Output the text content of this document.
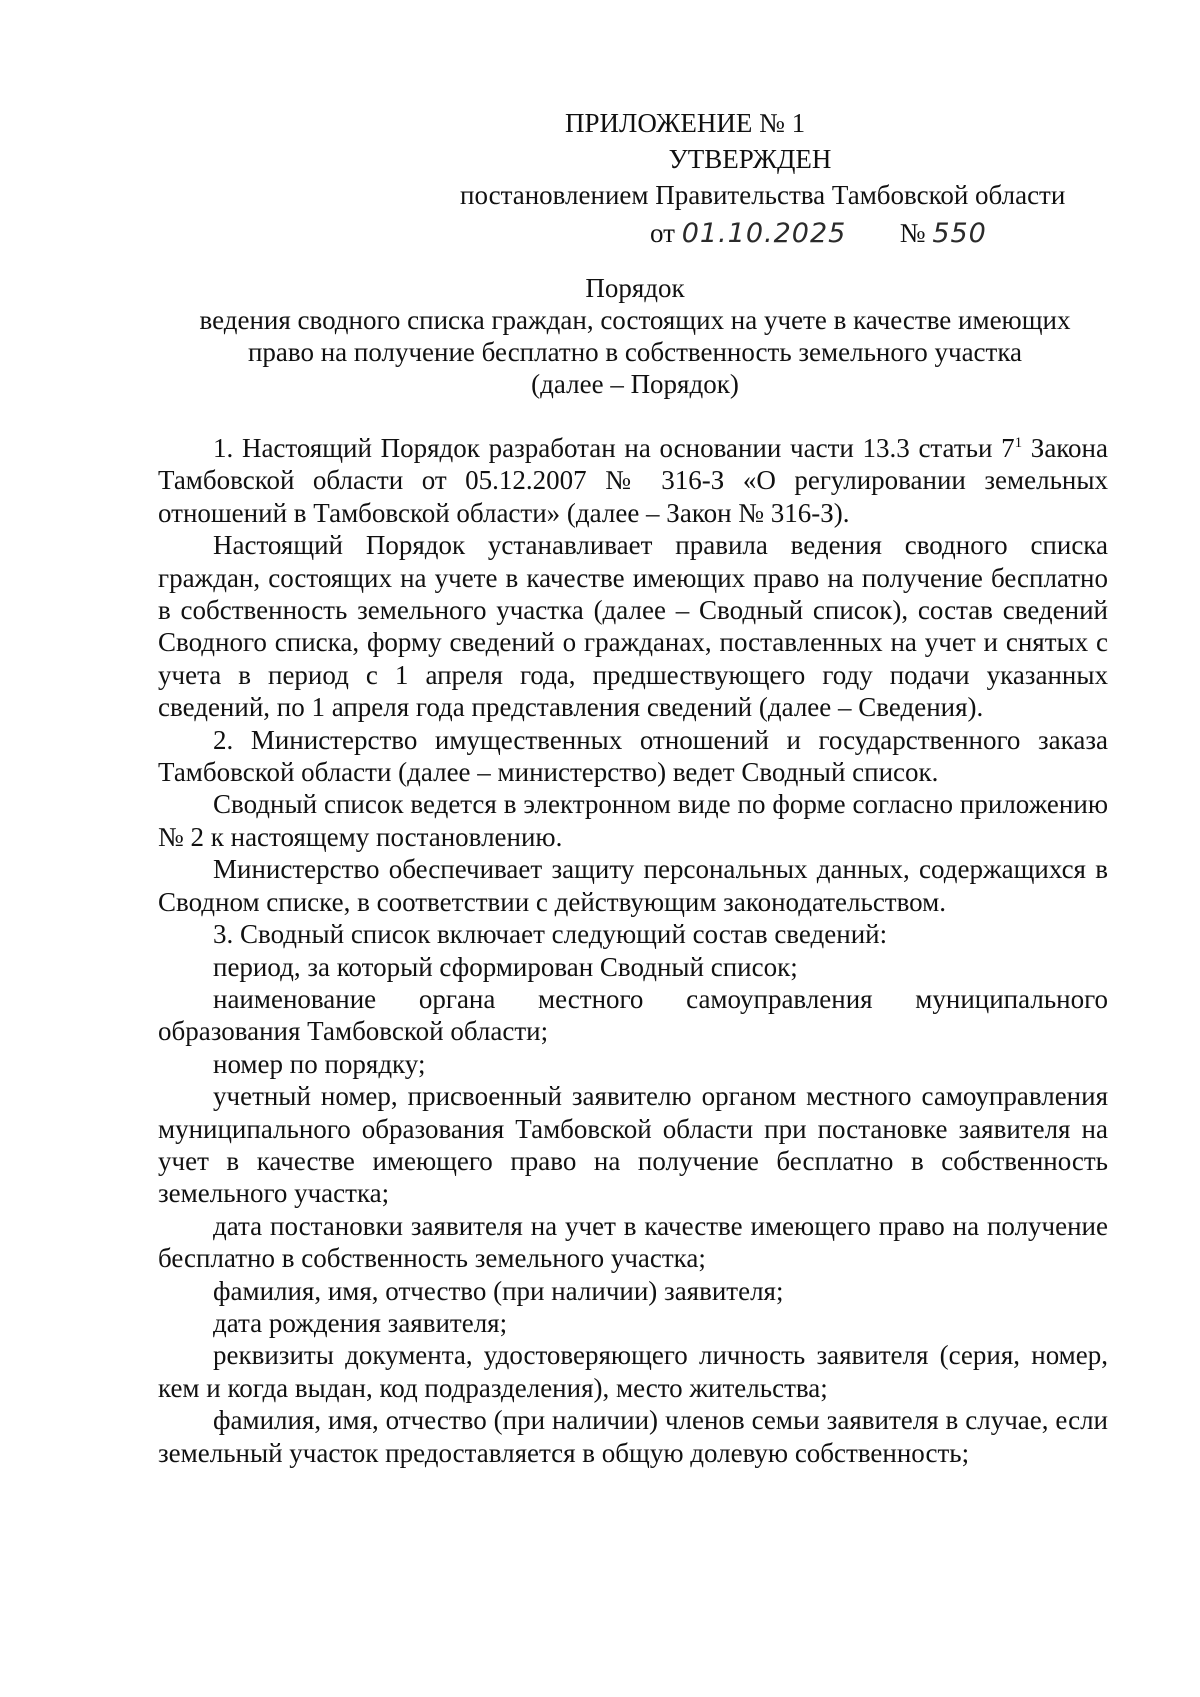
ПРИЛОЖЕНИЕ № 1
УТВЕРЖДЕН
постановлением Правительства Тамбовской области
от 01.10.2025 № 550
Порядок
ведения сводного списка граждан, состоящих на учете в качестве имеющих
право на получение бесплатно в собственность земельного участка
(далее – Порядок)

1. Настоящий Порядок разработан на основании части 13.3 статьи $7^1$ Закона Тамбовской области от 05.12.2007 № 316-З «О регулировании земельных отношений в Тамбовской области» (далее – Закон № 316-З).

Настоящий Порядок устанавливает правила ведения сводного списка граждан, состоящих на учете в качестве имеющих право на получение бесплатно в собственность земельного участка (далее – Сводный список), состав сведений Сводного списка, форму сведений о гражданах, поставленных на учет и снятых с учета в период с 1 апреля года, предшествующего году подачи указанных сведений, по 1 апреля года представления сведений (далее – Сведения).

2. Министерство имущественных отношений и государственного заказа Тамбовской области (далее – министерство) ведет Сводный список.

Сводный список ведется в электронном виде по форме согласно приложению № 2 к настоящему постановлению.

Министерство обеспечивает защиту персональных данных, содержащихся в Сводном списке, в соответствии с действующим законодательством.

3. Сводный список включает следующий состав сведений:

период, за который сформирован Сводный список;

наименование органа местного самоуправления муниципального образования Тамбовской области;

номер по порядку;

учетный номер, присвоенный заявителю органом местного самоуправления муниципального образования Тамбовской области при постановке заявителя на учет в качестве имеющего право на получение бесплатно в собственность земельного участка;

дата постановки заявителя на учет в качестве имеющего право на получение бесплатно в собственность земельного участка;

фамилия, имя, отчество (при наличии) заявителя;

дата рождения заявителя;

реквизиты документа, удостоверяющего личность заявителя (серия, номер, кем и когда выдан, код подразделения), место жительства;

фамилия, имя, отчество (при наличии) членов семьи заявителя в случае, если земельный участок предоставляется в общую долевую собственность;
